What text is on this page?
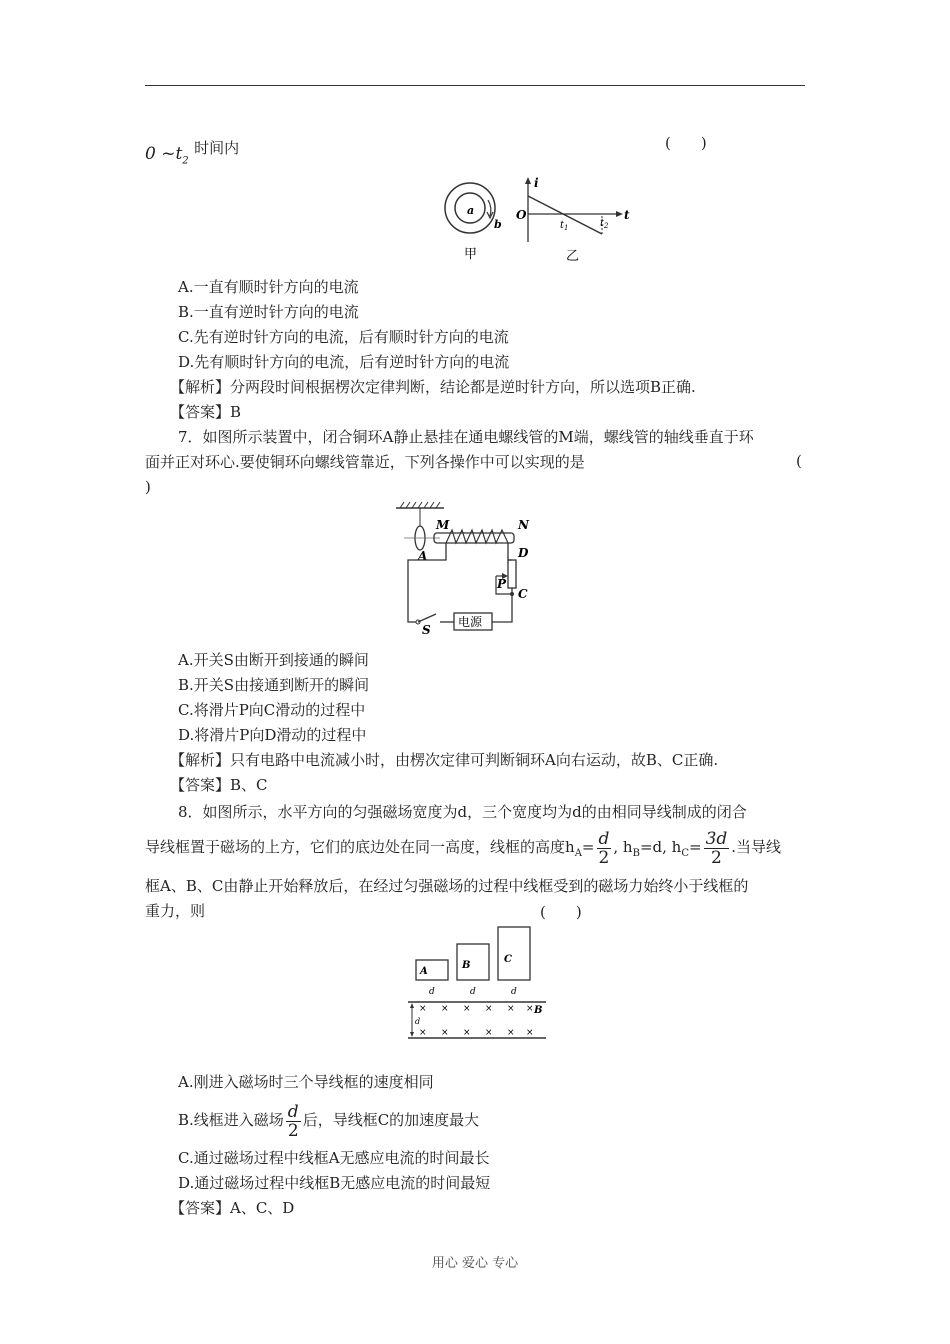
0 $\sim t_2$ 时间内	(　　)
a
b
甲
i
O	t
$t_1$	$t_2$
乙
A.一直有顺时针方向的电流
B.一直有逆时针方向的电流
C.先有逆时针方向的电流，后有顺时针方向的电流
D.先有顺时针方向的电流，后有逆时针方向的电流
【解析】分两段时间根据楞次定律判断，结论都是逆时针方向，所以选项B正确.
【答案】B
7．如图所示装置中，闭合铜环A静止悬挂在通电螺线管的M端，螺线管的轴线垂直于环
面并正对环心.要使铜环向螺线管靠近，下列各操作中可以实现的是	(
)
M	N
A	D
P
C
S
电源
A.开关S由断开到接通的瞬间
B.开关S由接通到断开的瞬间
C.将滑片P向C滑动的过程中
D.将滑片P向D滑动的过程中
【解析】只有电路中电流减小时，由楞次定律可判断铜环A向右运动，故B、C正确.
【答案】B、C
8．如图所示，水平方向的匀强磁场宽度为d，三个宽度均为d的由相同导线制成的闭合
导线框置于磁场的上方，它们的底边处在同一高度，线框的高度$h_A= \frac{d}{2}$ , $h_B=d$, $h_C= \frac{3d}{2}$ .当导线
框A、B、C由静止开始释放后，在经过匀强磁场的过程中线框受到的磁场力始终小于线框的
重力，则	(　　)
A
B
C
d	d	d
d
× × × × × ×
× × × × × ×
B
A.刚进入磁场时三个导线框的速度相同
B.线框进入磁场 $\frac{d}{2}$ 后，导线框C的加速度最大
C.通过磁场过程中线框A无感应电流的时间最长
D.通过磁场过程中线框B无感应电流的时间最短
【答案】A、C、D
用心 爱心 专心
